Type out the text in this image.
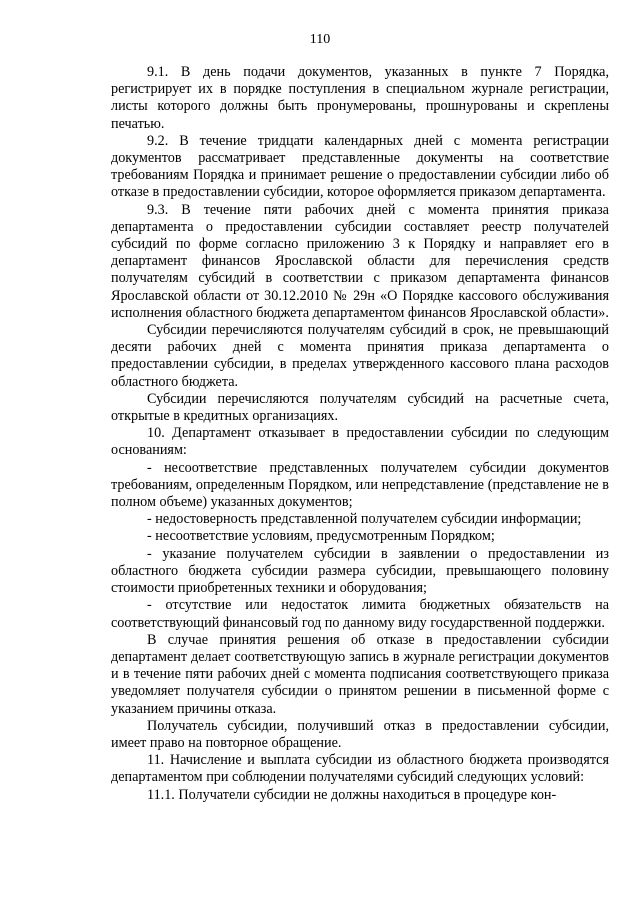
110

9.1. В день подачи документов, указанных в пункте 7 Порядка, регистрирует их в порядке поступления в специальном журнале регистрации, листы которого должны быть пронумерованы, прошнурованы и скреплены печатью.

9.2. В течение тридцати календарных дней с момента регистрации документов рассматривает представленные документы на соответствие требованиям Порядка и принимает решение о предоставлении субсидии либо об отказе в предоставлении субсидии, которое оформляется приказом департамента.

9.3. В течение пяти рабочих дней с момента принятия приказа департамента о предоставлении субсидии составляет реестр получателей субсидий по форме согласно приложению 3 к Порядку и направляет его в департамент финансов Ярославской области для перечисления средств получателям субсидий в соответствии с приказом департамента финансов Ярославской области от 30.12.2010 № 29н «О Порядке кассового обслуживания исполнения областного бюджета департаментом финансов Ярославской области».

Субсидии перечисляются получателям субсидий в срок, не превышающий десяти рабочих дней с момента принятия приказа департамента о предоставлении субсидии, в пределах утвержденного кассового плана расходов областного бюджета.

Субсидии перечисляются получателям субсидий на расчетные счета, открытые в кредитных организациях.

10. Департамент отказывает в предоставлении субсидии по следующим основаниям:

- несоответствие представленных получателем субсидии документов требованиям, определенным Порядком, или непредставление (представление не в полном объеме) указанных документов;

- недостоверность представленной получателем субсидии информации;

- несоответствие условиям, предусмотренным Порядком;

- указание получателем субсидии в заявлении о предоставлении из областного бюджета субсидии размера субсидии, превышающего половину стоимости приобретенных техники и оборудования;

- отсутствие или недостаток лимита бюджетных обязательств на соответствующий финансовый год по данному виду государственной поддержки.

В случае принятия решения об отказе в предоставлении субсидии департамент делает соответствующую запись в журнале регистрации документов и в течение пяти рабочих дней с момента подписания соответствующего приказа уведомляет получателя субсидии о принятом решении в письменной форме с указанием причины отказа.

Получатель субсидии, получивший отказ в предоставлении субсидии, имеет право на повторное обращение.

11. Начисление и выплата субсидии из областного бюджета производятся департаментом при соблюдении получателями субсидий следующих условий:

11.1. Получатели субсидии не должны находиться в процедуре кон-
